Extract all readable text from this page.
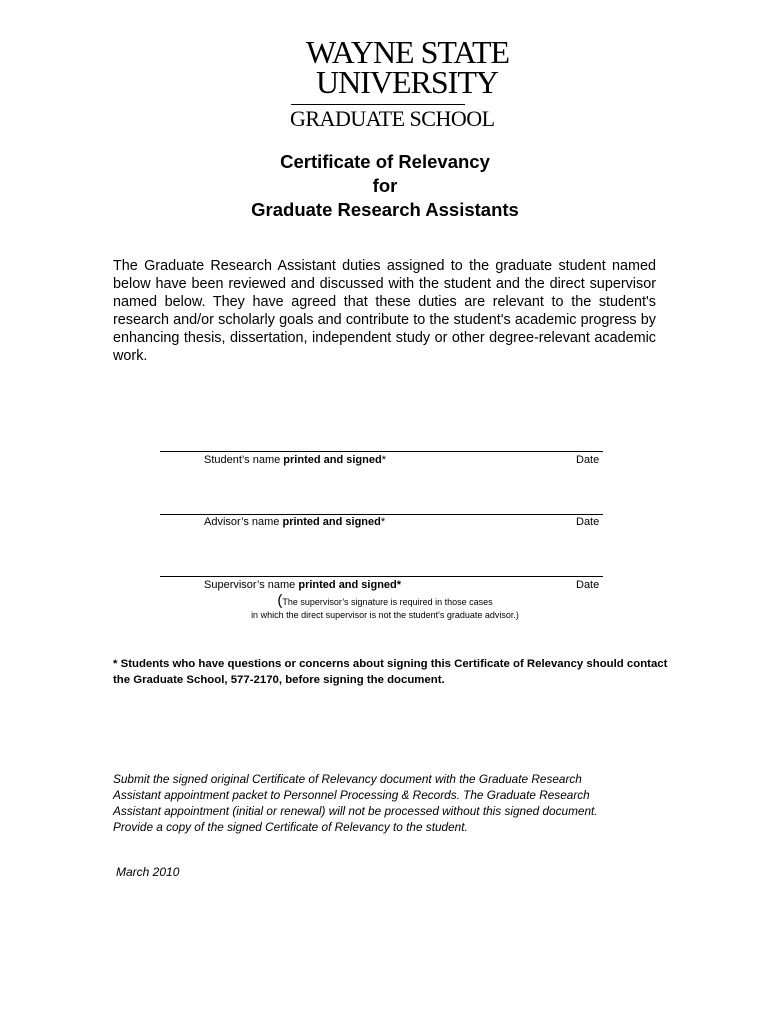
WAYNE STATE
UNIVERSITY
GRADUATE SCHOOL
Certificate of Relevancy
for
Graduate Research Assistants
The Graduate Research Assistant duties assigned to the graduate student named below have been reviewed and discussed with the student and the direct supervisor named below. They have agreed that these duties are relevant to the student's research and/or scholarly goals and contribute to the student's academic progress by enhancing thesis, dissertation, independent study or other degree-relevant academic work.
Student’s name printed and signed*	Date
Advisor’s name printed and signed*	Date
Supervisor’s name printed and signed*	Date
(The supervisor’s signature is required in those cases
in which the direct supervisor is not the student's graduate advisor.)
* Students who have questions or concerns about signing this Certificate of Relevancy should contact the Graduate School, 577-2170, before signing the document.
Submit the signed original Certificate of Relevancy document with the Graduate Research
Assistant appointment packet to Personnel Processing & Records. The Graduate Research
Assistant appointment (initial or renewal) will not be processed without this signed document.
Provide a copy of the signed Certificate of Relevancy to the student.
March 2010
